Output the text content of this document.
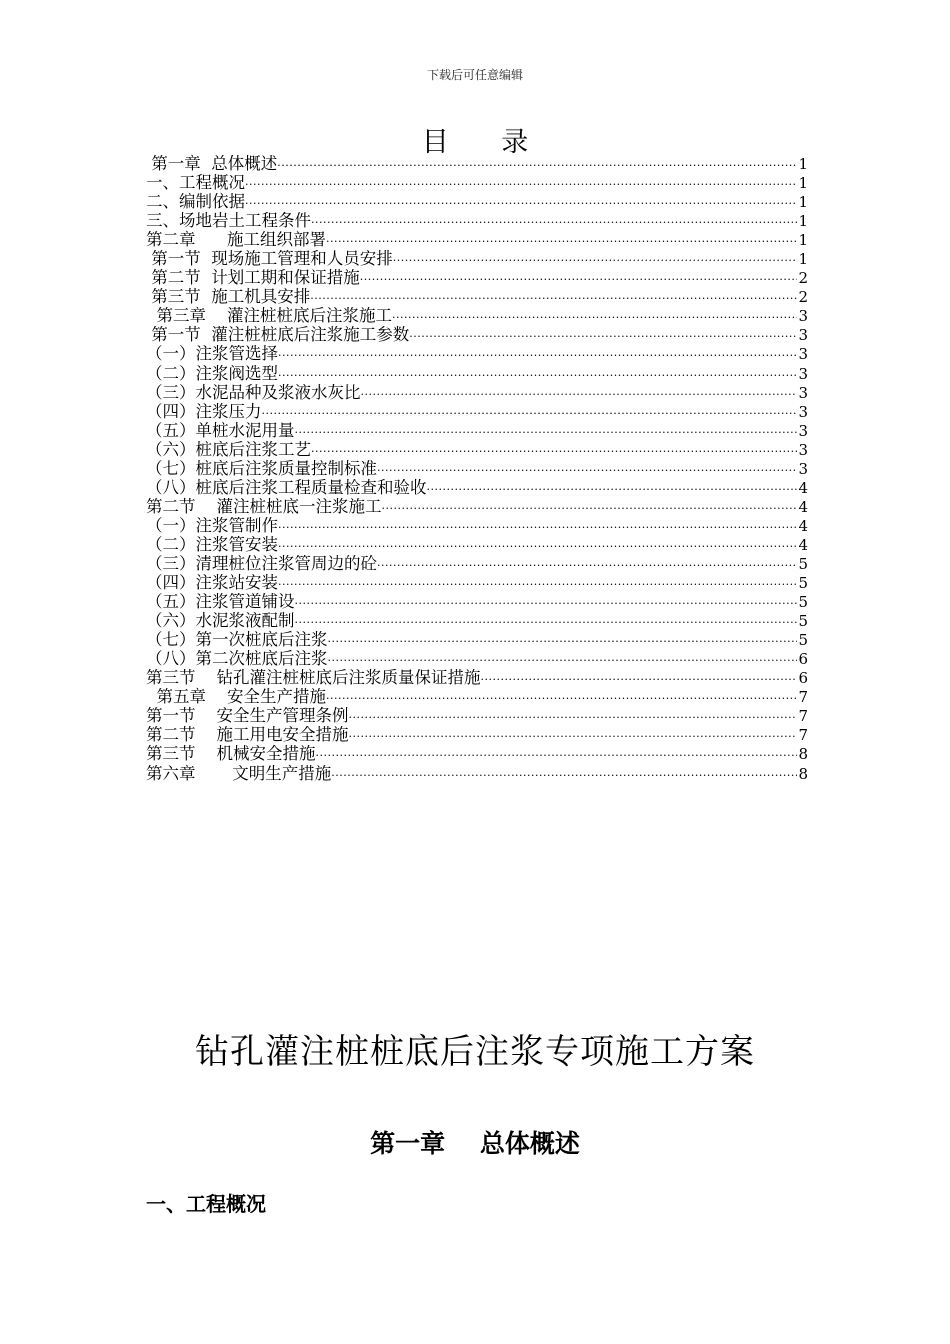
下载后可任意编辑
目 录
第一章  总体概述 ·····	1
一、工程概况 ·····	1
二、编制依据 ·····	1
三、场地岩土工程条件 ·····	1
第二章      施工组织部署 ·····	1
第一节  现场施工管理和人员安排 ·····	1
第二节  计划工期和保证措施 ·····	2
第三节  施工机具安排 ·····	2
第三章    灌注桩桩底后注浆施工 ·····	3
第一节  灌注桩桩底后注浆施工参数 ·····	3
（一）注浆管选择 ·····	3
（二）注浆阀选型 ·····	3
（三）水泥品种及浆液水灰比 ·····	3
（四）注浆压力 ·····	3
（五）单桩水泥用量 ·····	3
（六）桩底后注浆工艺 ·····	3
（七）桩底后注浆质量控制标准 ·····	3
（八）桩底后注浆工程质量检查和验收 ·····	4
第二节    灌注桩桩底一注浆施工 ·····	4
（一）注浆管制作 ·····	4
（二）注浆管安装 ·····	4
（三）清理桩位注浆管周边的砼 ·····	5
（四）注浆站安装 ·····	5
（五）注浆管道铺设 ·····	5
（六）水泥浆液配制 ·····	5
（七）第一次桩底后注浆 ·····	5
（八）第二次桩底后注浆 ·····	6
第三节    钻孔灌注桩桩底后注浆质量保证措施 ·····	6
第五章    安全生产措施 ·····	7
第一节    安全生产管理条例 ·····	7
第二节    施工用电安全措施 ·····	7
第三节    机械安全措施 ·····	8
第六章       文明生产措施 ·····	8
钻孔灌注桩桩底后注浆专项施工方案
第一章    总体概述
一、工程概况
